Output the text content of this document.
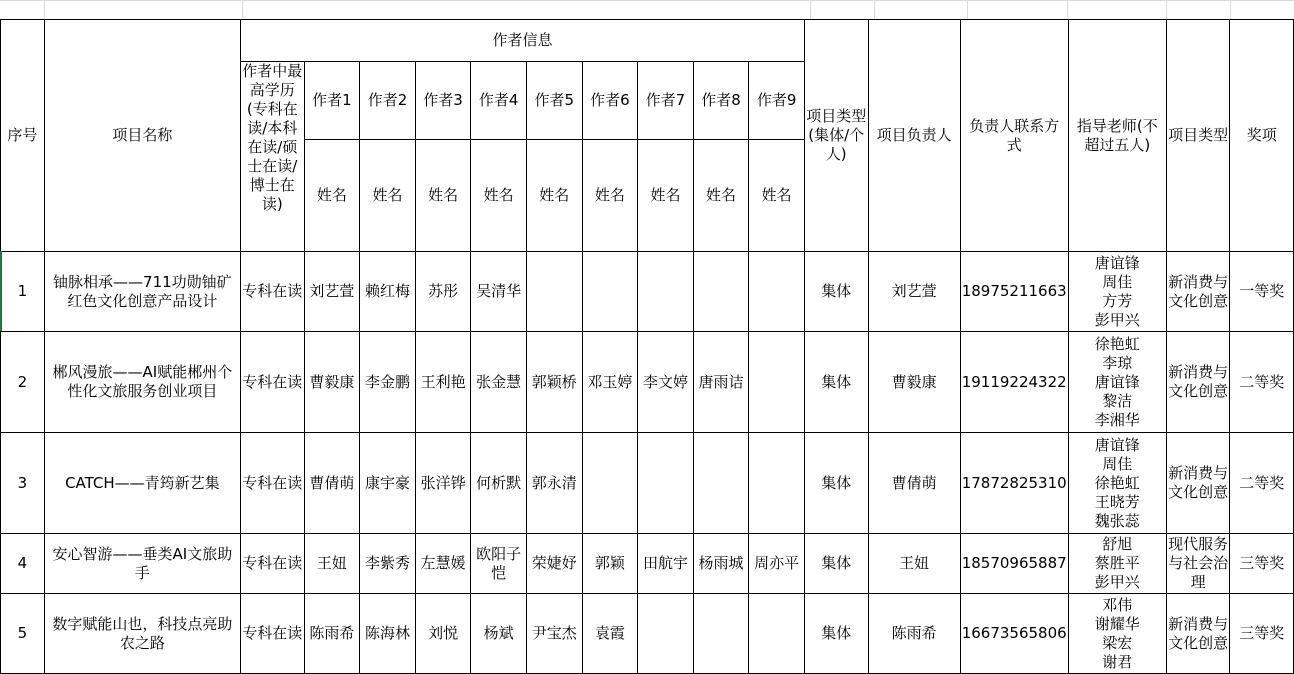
序号	项目名称	作者信息										项目类型(集体/个人)	项目负责人	负责人联系方式	指导老师(不超过五人)	项目类型	奖项

		作者中最高学历(专科在读/本科在读/硕士在读/博士在读)	作者1	作者2	作者3	作者4	作者5	作者6	作者7	作者8	作者9						
			姓名	姓名	姓名	姓名	姓名	姓名	姓名	姓名	姓名						
1	铀脉相承——711功勋铀矿红色文化创意产品设计	专科在读	刘艺萱	赖红梅	苏彤	吴清华						集体	刘艺萱	18975211663	唐谊锋
周佳
方芳
彭甲兴	新消费与文化创意	一等奖
2	郴风漫旅——AI赋能郴州个性化文旅服务创业项目	专科在读	曹毅康	李金鹏	王利艳	张金慧	郭颖桥	邓玉婷	李文婷	唐雨诘		集体	曹毅康	19119224322	徐艳虹
李琼
唐谊锋
黎洁
李湘华	新消费与文化创意	二等奖
3	CATCH——青筠新艺集	专科在读	曹倩萌	康宇豪	张洋铧	何析默	郭永清					集体	曹倩萌	17872825310	唐谊锋
周佳
徐艳虹
王晓芳
魏张蕊	新消费与文化创意	二等奖
4	安心智游——垂类AI文旅助手	专科在读	王妞	李紫秀	左慧媛	欧阳子恺	荣婕妤	郭颖	田航宇	杨雨城	周亦平	集体	王妞	18570965887	舒旭
蔡胜平
彭甲兴	现代服务与社会治理	三等奖
5	数字赋能山也，科技点亮助农之路	专科在读	陈雨希	陈海林	刘悦	杨斌	尹宝杰	袁霞				集体	陈雨希	16673565806	邓伟
谢耀华
梁宏
谢君	新消费与文化创意	三等奖
